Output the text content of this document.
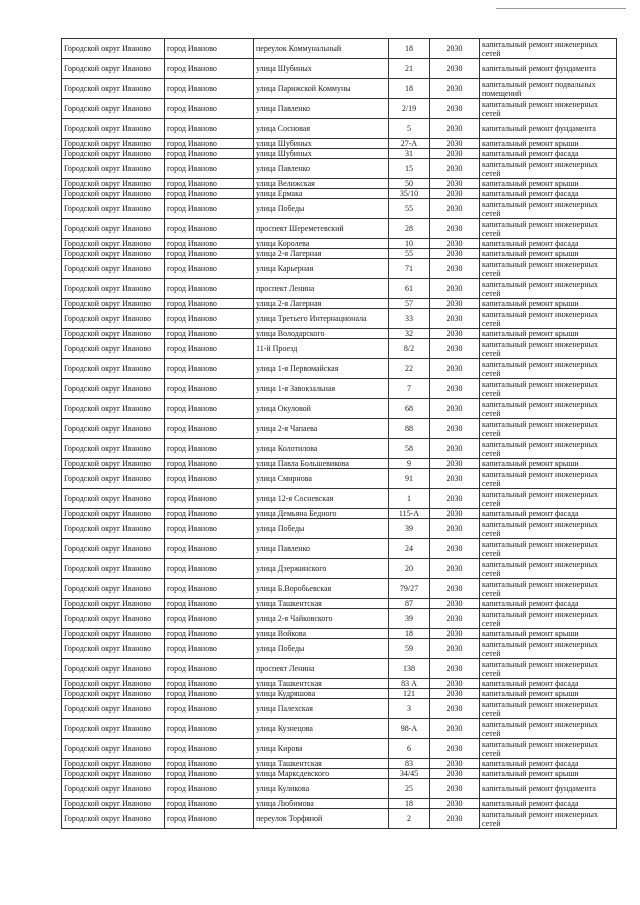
Городской округ Иваново	город Иваново	переулок Коммунальный	18	2030	капитальный ремонт инженерных сетей
Городской округ Иваново	город Иваново	улица Шубиных	21	2030	капитальный ремонт фундамента
Городской округ Иваново	город Иваново	улица Парижской Коммуны	18	2030	капитальный ремонт подвальных помещений
Городской округ Иваново	город Иваново	улица Павленко	2/19	2030	капитальный ремонт инженерных сетей
Городской округ Иваново	город Иваново	улица Сосновая	5	2030	капитальный ремонт фундамента
Городской округ Иваново	город Иваново	улица Шубиных	27-А	2030	капитальный ремонт крыши
Городской округ Иваново	город Иваново	улица Шубиных	31	2030	капитальный ремонт фасада
Городской округ Иваново	город Иваново	улица Павленко	15	2030	капитальный ремонт инженерных сетей
Городской округ Иваново	город Иваново	улица Велижская	50	2030	капитальный ремонт крыши
Городской округ Иваново	город Иваново	улица Ермака	35/10	2030	капитальный ремонт фасада
Городской округ Иваново	город Иваново	улица Победы	55	2030	капитальный ремонт инженерных сетей
Городской округ Иваново	город Иваново	проспект Шереметевский	28	2030	капитальный ремонт инженерных сетей
Городской округ Иваново	город Иваново	улица Королева	10	2030	капитальный ремонт фасада
Городской округ Иваново	город Иваново	улица 2-я Лагерная	55	2030	капитальный ремонт крыши
Городской округ Иваново	город Иваново	улица Карьерная	71	2030	капитальный ремонт инженерных сетей
Городской округ Иваново	город Иваново	проспект Ленина	61	2030	капитальный ремонт инженерных сетей
Городской округ Иваново	город Иваново	улица 2-я Лагерная	57	2030	капитальный ремонт крыши
Городской округ Иваново	город Иваново	улица Третьего Интернационала	33	2030	капитальный ремонт инженерных сетей
Городской округ Иваново	город Иваново	улица Володарского	32	2030	капитальный ремонт крыши
Городской округ Иваново	город Иваново	11-й Проезд	8/2	2030	капитальный ремонт инженерных сетей
Городской округ Иваново	город Иваново	улица 1-я Первомайская	22	2030	капитальный ремонт инженерных сетей
Городской округ Иваново	город Иваново	улица 1-я Завокзальная	7	2030	капитальный ремонт инженерных сетей
Городской округ Иваново	город Иваново	улица Окуловой	68	2030	капитальный ремонт инженерных сетей
Городской округ Иваново	город Иваново	улица 2-я Чапаева	88	2030	капитальный ремонт инженерных сетей
Городской округ Иваново	город Иваново	улица Колотилова	58	2030	капитальный ремонт инженерных сетей
Городской округ Иваново	город Иваново	улица Павла Большевикова	9	2030	капитальный ремонт крыши
Городской округ Иваново	город Иваново	улица Смирнова	91	2030	капитальный ремонт инженерных сетей
Городской округ Иваново	город Иваново	улица 12-я Сосневская	1	2030	капитальный ремонт инженерных сетей
Городской округ Иваново	город Иваново	улица Демьяна Бедного	115-А	2030	капитальный ремонт фасада
Городской округ Иваново	город Иваново	улица Победы	39	2030	капитальный ремонт инженерных сетей
Городской округ Иваново	город Иваново	улица Павленко	24	2030	капитальный ремонт инженерных сетей
Городской округ Иваново	город Иваново	улица Дзержинского	20	2030	капитальный ремонт инженерных сетей
Городской округ Иваново	город Иваново	улица Б.Воробьевская	79/27	2030	капитальный ремонт инженерных сетей
Городской округ Иваново	город Иваново	улица Ташкентская	87	2030	капитальный ремонт фасада
Городской округ Иваново	город Иваново	улица 2-я Чайковского	39	2030	капитальный ремонт инженерных сетей
Городской округ Иваново	город Иваново	улица Войкова	18	2030	капитальный ремонт крыши
Городской округ Иваново	город Иваново	улица Победы	59	2030	капитальный ремонт инженерных сетей
Городской округ Иваново	город Иваново	проспект Ленина	138	2030	капитальный ремонт инженерных сетей
Городской округ Иваново	город Иваново	улица Ташкентская	83 А	2030	капитальный ремонт фасада
Городской округ Иваново	город Иваново	улица Кудряшова	121	2030	капитальный ремонт крыши
Городской округ Иваново	город Иваново	улица Палехская	3	2030	капитальный ремонт инженерных сетей
Городской округ Иваново	город Иваново	улица Кузнецова	98-А	2030	капитальный ремонт инженерных сетей
Городской округ Иваново	город Иваново	улица Кирова	6	2030	капитальный ремонт инженерных сетей
Городской округ Иваново	город Иваново	улица Ташкентская	83	2030	капитальный ремонт фасада
Городской округ Иваново	город Иваново	улица Марксдевского	34/45	2030	капитальный ремонт крыши
Городской округ Иваново	город Иваново	улица Куликова	25	2030	капитальный ремонт фундамента
Городской округ Иваново	город Иваново	улица Любимова	18	2030	капитальный ремонт фасада
Городской округ Иваново	город Иваново	переулок Торфяной	2	2030	капитальный ремонт инженерных сетей
